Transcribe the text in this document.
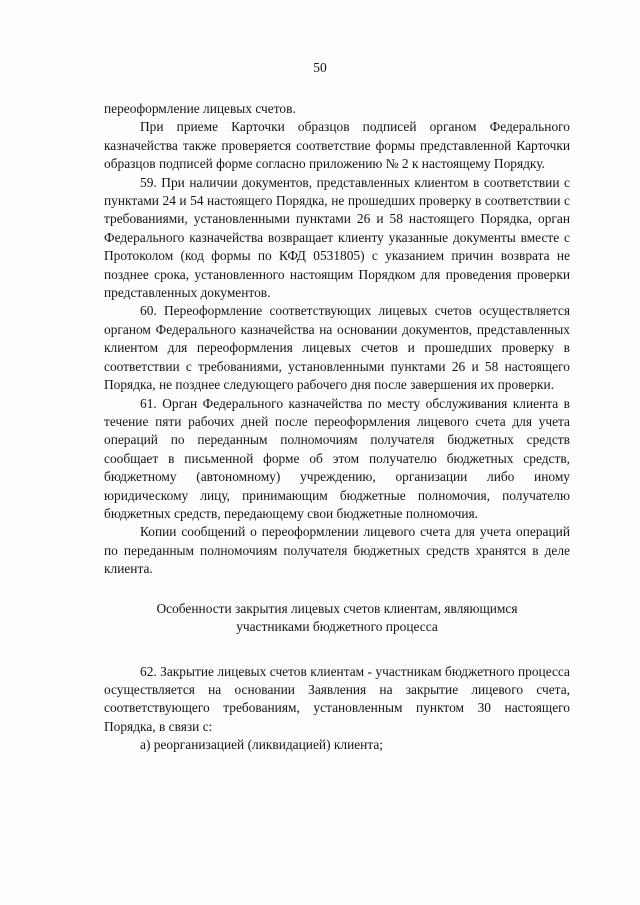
50

переоформление лицевых счетов.

При приеме Карточки образцов подписей органом Федерального казначейства также проверяется соответствие формы представленной Карточки образцов подписей форме согласно приложению № 2 к настоящему Порядку.

59. При наличии документов, представленных клиентом в соответствии с пунктами 24 и 54 настоящего Порядка, не прошедших проверку в соответствии с требованиями, установленными пунктами 26 и 58 настоящего Порядка, орган Федерального казначейства возвращает клиенту указанные документы вместе с Протоколом (код формы по КФД 0531805) с указанием причин возврата не позднее срока, установленного настоящим Порядком для проведения проверки представленных документов.

60. Переоформление соответствующих лицевых счетов осуществляется органом Федерального казначейства на основании документов, представленных клиентом для переоформления лицевых счетов и прошедших проверку в соответствии с требованиями, установленными пунктами 26 и 58 настоящего Порядка, не позднее следующего рабочего дня после завершения их проверки.

61. Орган Федерального казначейства по месту обслуживания клиента в течение пяти рабочих дней после переоформления лицевого счета для учета операций по переданным полномочиям получателя бюджетных средств сообщает в письменной форме об этом получателю бюджетных средств, бюджетному (автономному) учреждению, организации либо иному юридическому лицу, принимающим бюджетные полномочия, получателю бюджетных средств, передающему свои бюджетные полномочия.

Копии сообщений о переоформлении лицевого счета для учета операций по переданным полномочиям получателя бюджетных средств хранятся в деле клиента.

Особенности закрытия лицевых счетов клиентам, являющимся
участниками бюджетного процесса

62. Закрытие лицевых счетов клиентам - участникам бюджетного процесса осуществляется на основании Заявления на закрытие лицевого счета, соответствующего требованиям, установленным пунктом 30 настоящего Порядка, в связи с:

а) реорганизацией (ликвидацией) клиента;
